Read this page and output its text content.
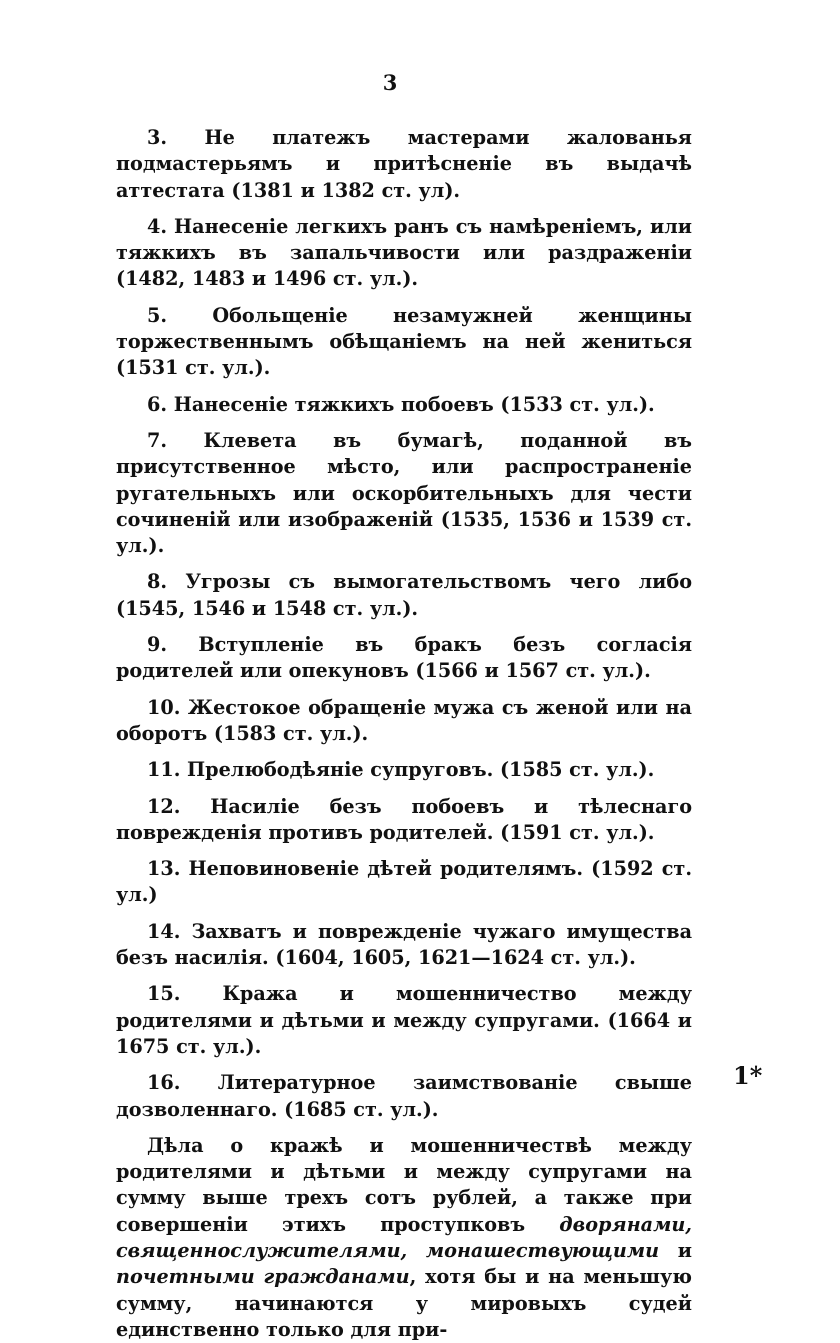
3
3. Не платежъ мастерами жалованья подмастерьямъ и притѣсненіе въ выдачѣ аттестата (1381 и 1382 ст. ул).
4. Нанесеніе легкихъ ранъ съ намѣреніемъ, или тяжкихъ въ запальчивости или раздраженіи (1482, 1483 и 1496 ст. ул.).
5. Обольщеніе незамужней женщины торжественнымъ обѣщаніемъ на ней жениться (1531 ст. ул.).
6. Нанесеніе тяжкихъ побоевъ (1533 ст. ул.).
7. Клевета въ бумагѣ, поданной въ присутственное мѣсто, или распространеніе ругательныхъ или оскорбительныхъ для чести сочиненій или изображеній (1535, 1536 и 1539 ст. ул.).
8. Угрозы съ вымогательствомъ чего либо (1545, 1546 и 1548 ст. ул.).
9. Вступленіе въ бракъ безъ согласія родителей или опекуновъ (1566 и 1567 ст. ул.).
10. Жестокое обращеніе мужа съ женой или на оборотъ (1583 ст. ул.).
11. Прелюбодѣяніе супруговъ. (1585 ст. ул.).
12. Насиліе безъ побоевъ и тѣлеснаго поврежденія противъ родителей. (1591 ст. ул.).
13. Неповиновеніе дѣтей родителямъ. (1592 ст. ул.)
14. Захватъ и поврежденіе чужаго имущества безъ насилія. (1604, 1605, 1621—1624 ст. ул.).
15. Кража и мошенничество между родителями и дѣтьми и между супругами. (1664 и 1675 ст. ул.).
16. Литературное заимствованіе свыше дозволеннаго. (1685 ст. ул.).

Дѣла о кражѣ и мошенничествѣ между родителями и дѣтьми и между супругами на сумму выше трехъ сотъ рублей, а также при совершеніи этихъ проступковъ дворянами, священнослужителями, монашествующими и почетными гражданами, хотя бы и на меньшую сумму, начинаются у мировыхъ судей единственно только для при-

1*
